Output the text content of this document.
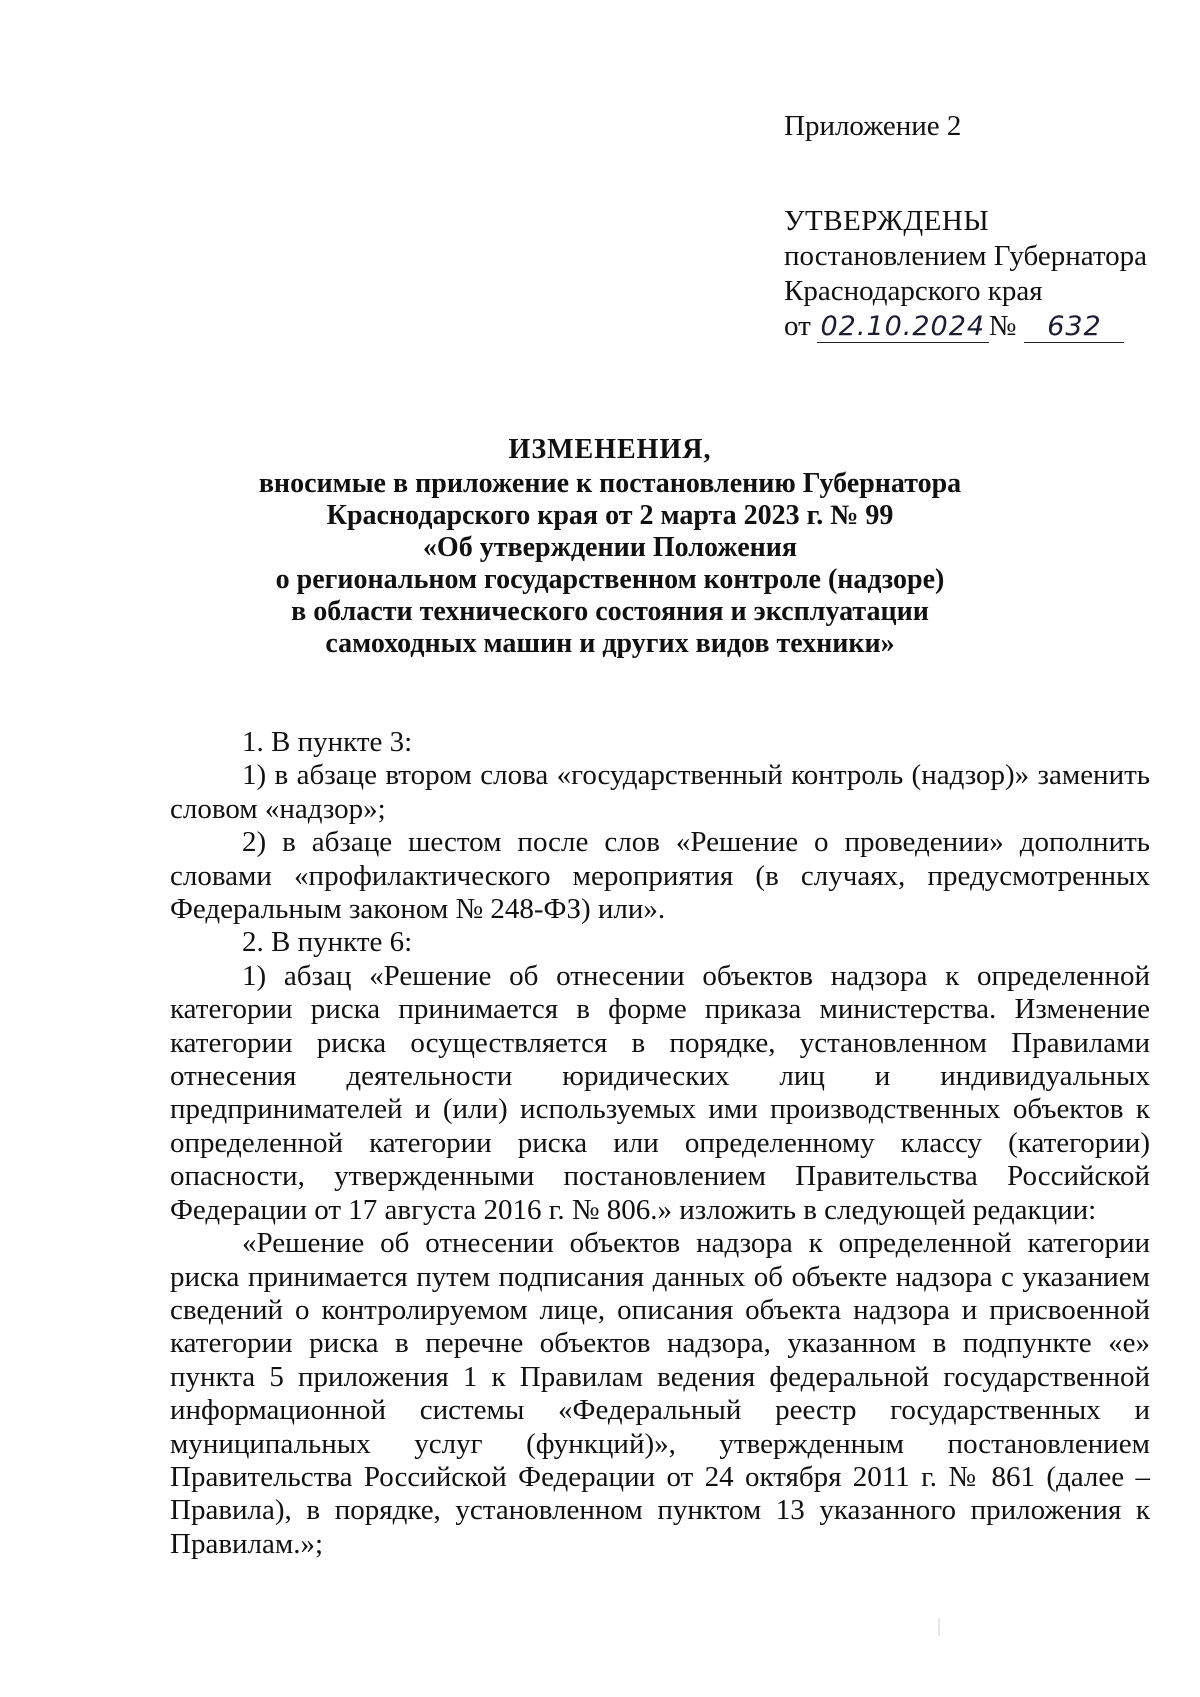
Приложение 2
УТВЕРЖДЕНЫ
постановлением Губернатора
Краснодарского края
от 02.10.2024 № 632
ИЗМЕНЕНИЯ,
вносимые в приложение к постановлению Губернатора
Краснодарского края от 2 марта 2023 г. № 99
«Об утверждении Положения
о региональном государственном контроле (надзоре)
в области технического состояния и эксплуатации
самоходных машин и других видов техники»

1. В пункте 3:

1) в абзаце втором слова «государственный контроль (надзор)» заменить словом «надзор»;

2) в абзаце шестом после слов «Решение о проведении» дополнить словами «профилактического мероприятия (в случаях, предусмотренных Федеральным законом № 248-ФЗ) или».

2. В пункте 6:

1) абзац «Решение об отнесении объектов надзора к определенной категории риска принимается в форме приказа министерства. Изменение категории риска осуществляется в порядке, установленном Правилами отнесения деятельности юридических лиц и индивидуальных предпринимателей и (или) используемых ими производственных объектов к определенной категории риска или определенному классу (категории) опасности, утвержденными постановлением Правительства Российской Федерации от 17 августа 2016 г. № 806.» изложить в следующей редакции:

«Решение об отнесении объектов надзора к определенной категории риска принимается путем подписания данных об объекте надзора с указанием сведений о контролируемом лице, описания объекта надзора и присвоенной категории риска в перечне объектов надзора, указанном в подпункте «е» пункта 5 приложения 1 к Правилам ведения федеральной государственной информационной системы «Федеральный реестр государственных и муниципальных услуг (функций)», утвержденным постановлением Правительства Российской Федерации от 24 октября 2011 г. № 861 (далее – Правила), в порядке, установленном пунктом 13 указанного приложения к Правилам.»;
